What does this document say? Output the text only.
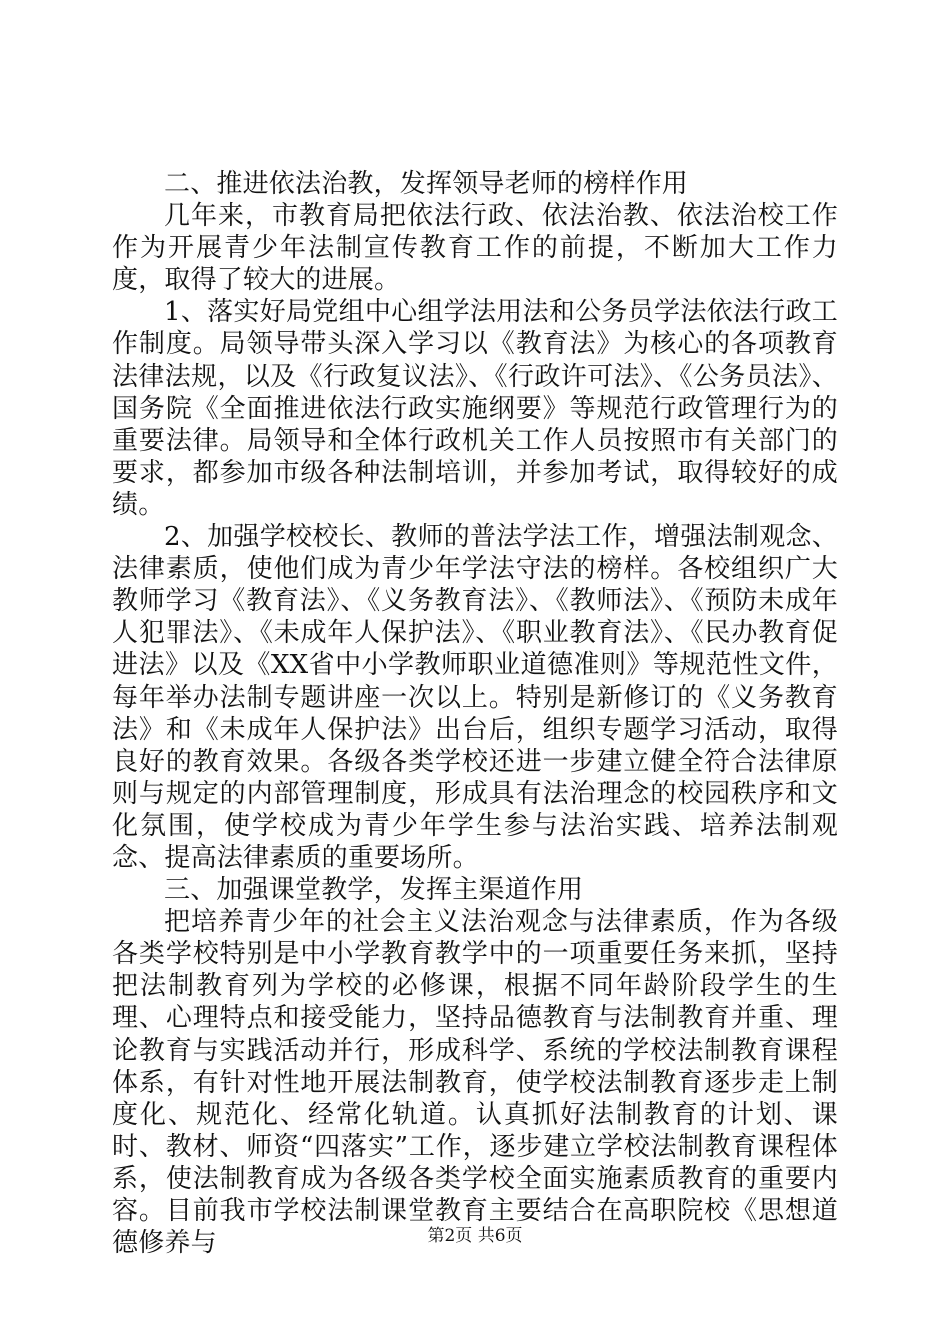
二、推进依法治教，发挥领导老师的榜样作用

几年来，市教育局把依法行政、依法治教、依法治校工作作为开展青少年法制宣传教育工作的前提，不断加大工作力度，取得了较大的进展。

1、落实好局党组中心组学法用法和公务员学法依法行政工作制度。局领导带头深入学习以《教育法》为核心的各项教育法律法规，以及《行政复议法》、《行政许可法》、《公务员法》、国务院《全面推进依法行政实施纲要》等规范行政管理行为的重要法律。局领导和全体行政机关工作人员按照市有关部门的要求，都参加市级各种法制培训，并参加考试，取得较好的成绩。

2、加强学校校长、教师的普法学法工作，增强法制观念、法律素质，使他们成为青少年学法守法的榜样。各校组织广大教师学习《教育法》、《义务教育法》、《教师法》、《预防未成年人犯罪法》、《未成年人保护法》、《职业教育法》、《民办教育促进法》以及《XX省中小学教师职业道德准则》等规范性文件，每年举办法制专题讲座一次以上。特别是新修订的《义务教育法》和《未成年人保护法》出台后，组织专题学习活动，取得良好的教育效果。各级各类学校还进一步建立健全符合法律原则与规定的内部管理制度，形成具有法治理念的校园秩序和文化氛围，使学校成为青少年学生参与法治实践、培养法制观念、提高法律素质的重要场所。

三、加强课堂教学，发挥主渠道作用

把培养青少年的社会主义法治观念与法律素质，作为各级各类学校特别是中小学教育教学中的一项重要任务来抓，坚持把法制教育列为学校的必修课，根据不同年龄阶段学生的生理、心理特点和接受能力，坚持品德教育与法制教育并重、理论教育与实践活动并行，形成科学、系统的学校法制教育课程体系，有针对性地开展法制教育，使学校法制教育逐步走上制度化、规范化、经常化轨道。认真抓好法制教育的计划、课时、教材、师资“四落实”工作，逐步建立学校法制教育课程体系，使法制教育成为各级各类学校全面实施素质教育的重要内容。目前我市学校法制课堂教育主要结合在高职院校《思想道德修养与	第2页 共6页
